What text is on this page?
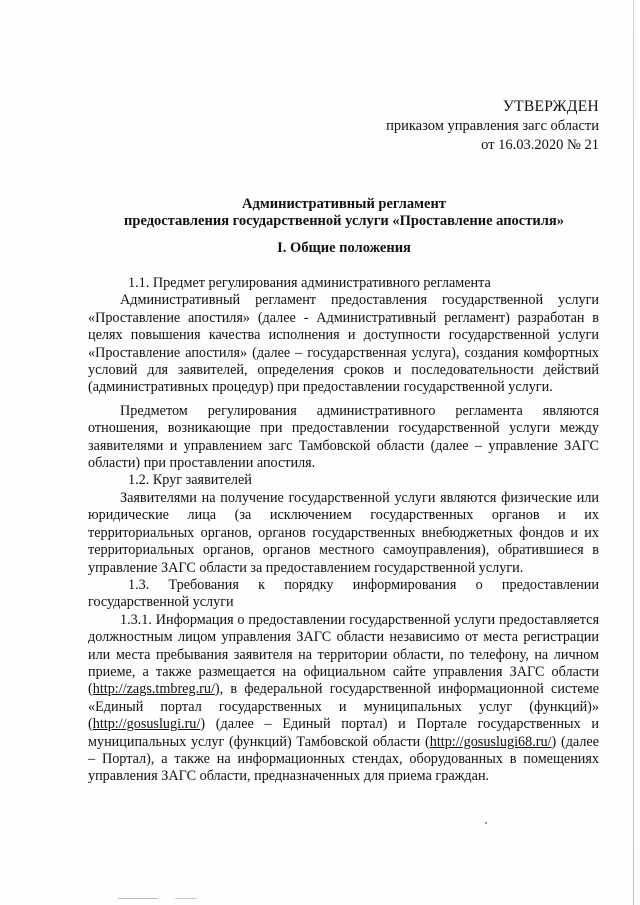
УТВЕРЖДЕН
приказом управления загс области
от 16.03.2020 № 21
Административный регламент
предоставления государственной услуги «Проставление апостиля»
I. Общие положения

1.1. Предмет регулирования административного регламента

Административный регламент предоставления государственной услуги «Проставление апостиля» (далее - Административный регламент) разработан в целях повышения качества исполнения и доступности государственной услуги «Проставление апостиля» (далее – государственная услуга), создания комфортных условий для заявителей, определения сроков и последовательности действий (административных процедур) при предоставлении государственной услуги.

Предметом регулирования административного регламента являются отношения, возникающие при предоставлении государственной услуги между заявителями и управлением загс Тамбовской области (далее – управление ЗАГС области) при проставлении апостиля.

1.2. Круг заявителей

Заявителями на получение государственной услуги являются физические или юридические лица (за исключением государственных органов и их территориальных органов, органов государственных внебюджетных фондов и их территориальных органов, органов местного самоуправления), обратившиеся в управление ЗАГС области за предоставлением государственной услуги.

1.3. Требования к порядку информирования о предоставлении государственной услуги

1.3.1. Информация о предоставлении государственной услуги предоставляется должностным лицом управления ЗАГС области независимо от места регистрации или места пребывания заявителя на территории области, по телефону, на личном приеме, а также размещается на официальном сайте управления ЗАГС области (http://zags.tmbreg.ru/), в федеральной государственной информационной системе «Единый портал государственных и муниципальных услуг (функций)» (http://gosuslugi.ru/) (далее – Единый портал) и Портале государственных и муниципальных услуг (функций) Тамбовской области (http://gosuslugi68.ru/) (далее – Портал), а также на информационных стендах, оборудованных в помещениях управления ЗАГС области, предназначенных для приема граждан.
